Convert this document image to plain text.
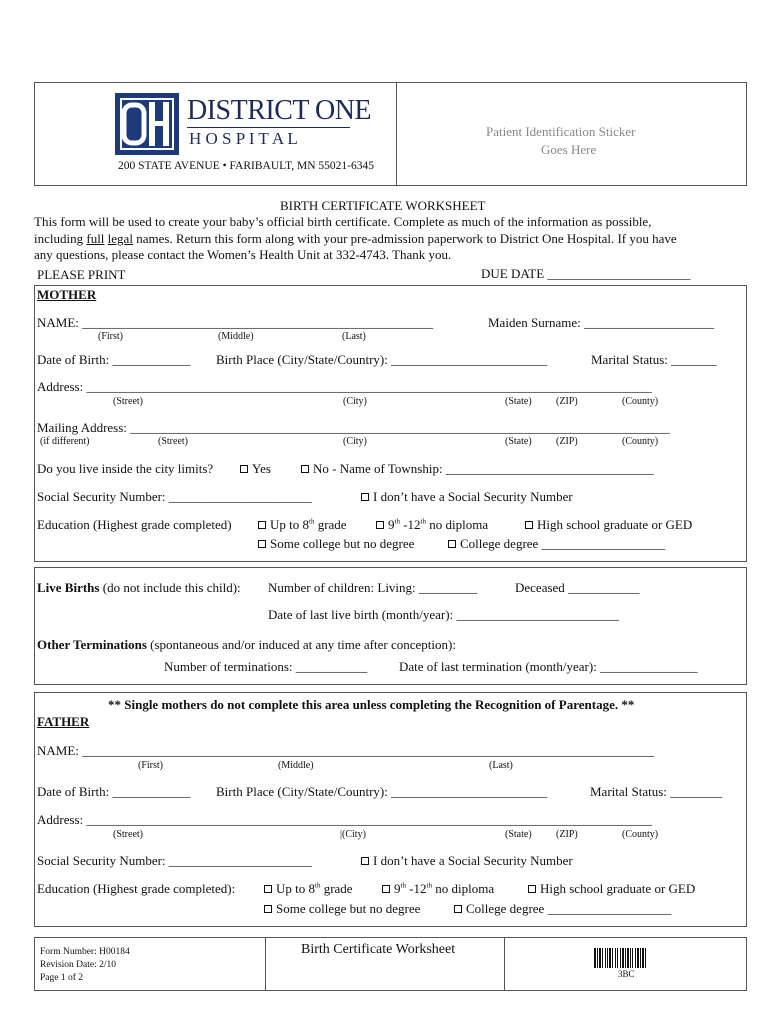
DISTRICT ONE
H O S P I T A L
200 STATE AVENUE • FARIBAULT, MN 55021-6345
Patient Identification Sticker
Goes Here
BIRTH CERTIFICATE WORKSHEET
This form will be used to create your baby’s official birth certificate. Complete as much of the information as possible,
including full legal names. Return this form along with your pre-admission paperwork to District One Hospital. If you have
any questions, please contact the Women’s Health Unit at 332-4743. Thank you.
PLEASE PRINT	DUE DATE ______________________
MOTHER
NAME: ______________________________________________________	Maiden Surname: ____________________
(First)	(Middle)	(Last)
Date of Birth: ____________ Birth Place (City/State/Country): ________________________	Marital Status: _______
Address: _______________________________________________________________________________________
(Street)	(City)	(State) (ZIP)	(County)
Mailing Address: ___________________________________________________________________________________
(if different)	(Street)	(City)	(State) (ZIP)	(County)
Do you live inside the city limits?	Yes	No - Name of Township: ________________________________
Social Security Number: ______________________	I don’t have a Social Security Number
Education (Highest grade completed)	Up to 8th grade	9th -12th no diploma	High school graduate or GED
Some college but no degree	College degree ___________________
Live Births (do not include this child): Number of children: Living: _________	Deceased ___________
Date of last live birth (month/year): _________________________
Other Terminations (spontaneous and/or induced at any time after conception):
Number of terminations: ___________ Date of last termination (month/year): _______________
** Single mothers do not complete this area unless completing the Recognition of Parentage. **
FATHER
NAME: ________________________________________________________________________________________
(First)	(Middle)	(Last)
Date of Birth: ____________ Birth Place (City/State/Country): ________________________	Marital Status: ________
Address: _______________________________________________________________________________________
(Street)	|(City)	(State) (ZIP)	(County)
Social Security Number: ______________________	I don’t have a Social Security Number
Education (Highest grade completed):	Up to 8th grade	9th -12th no diploma	High school graduate or GED
Some college but no degree	College degree ___________________
Form Number: H00184
Revision Date: 2/10
Page 1 of 2
Birth Certificate Worksheet
3BC
